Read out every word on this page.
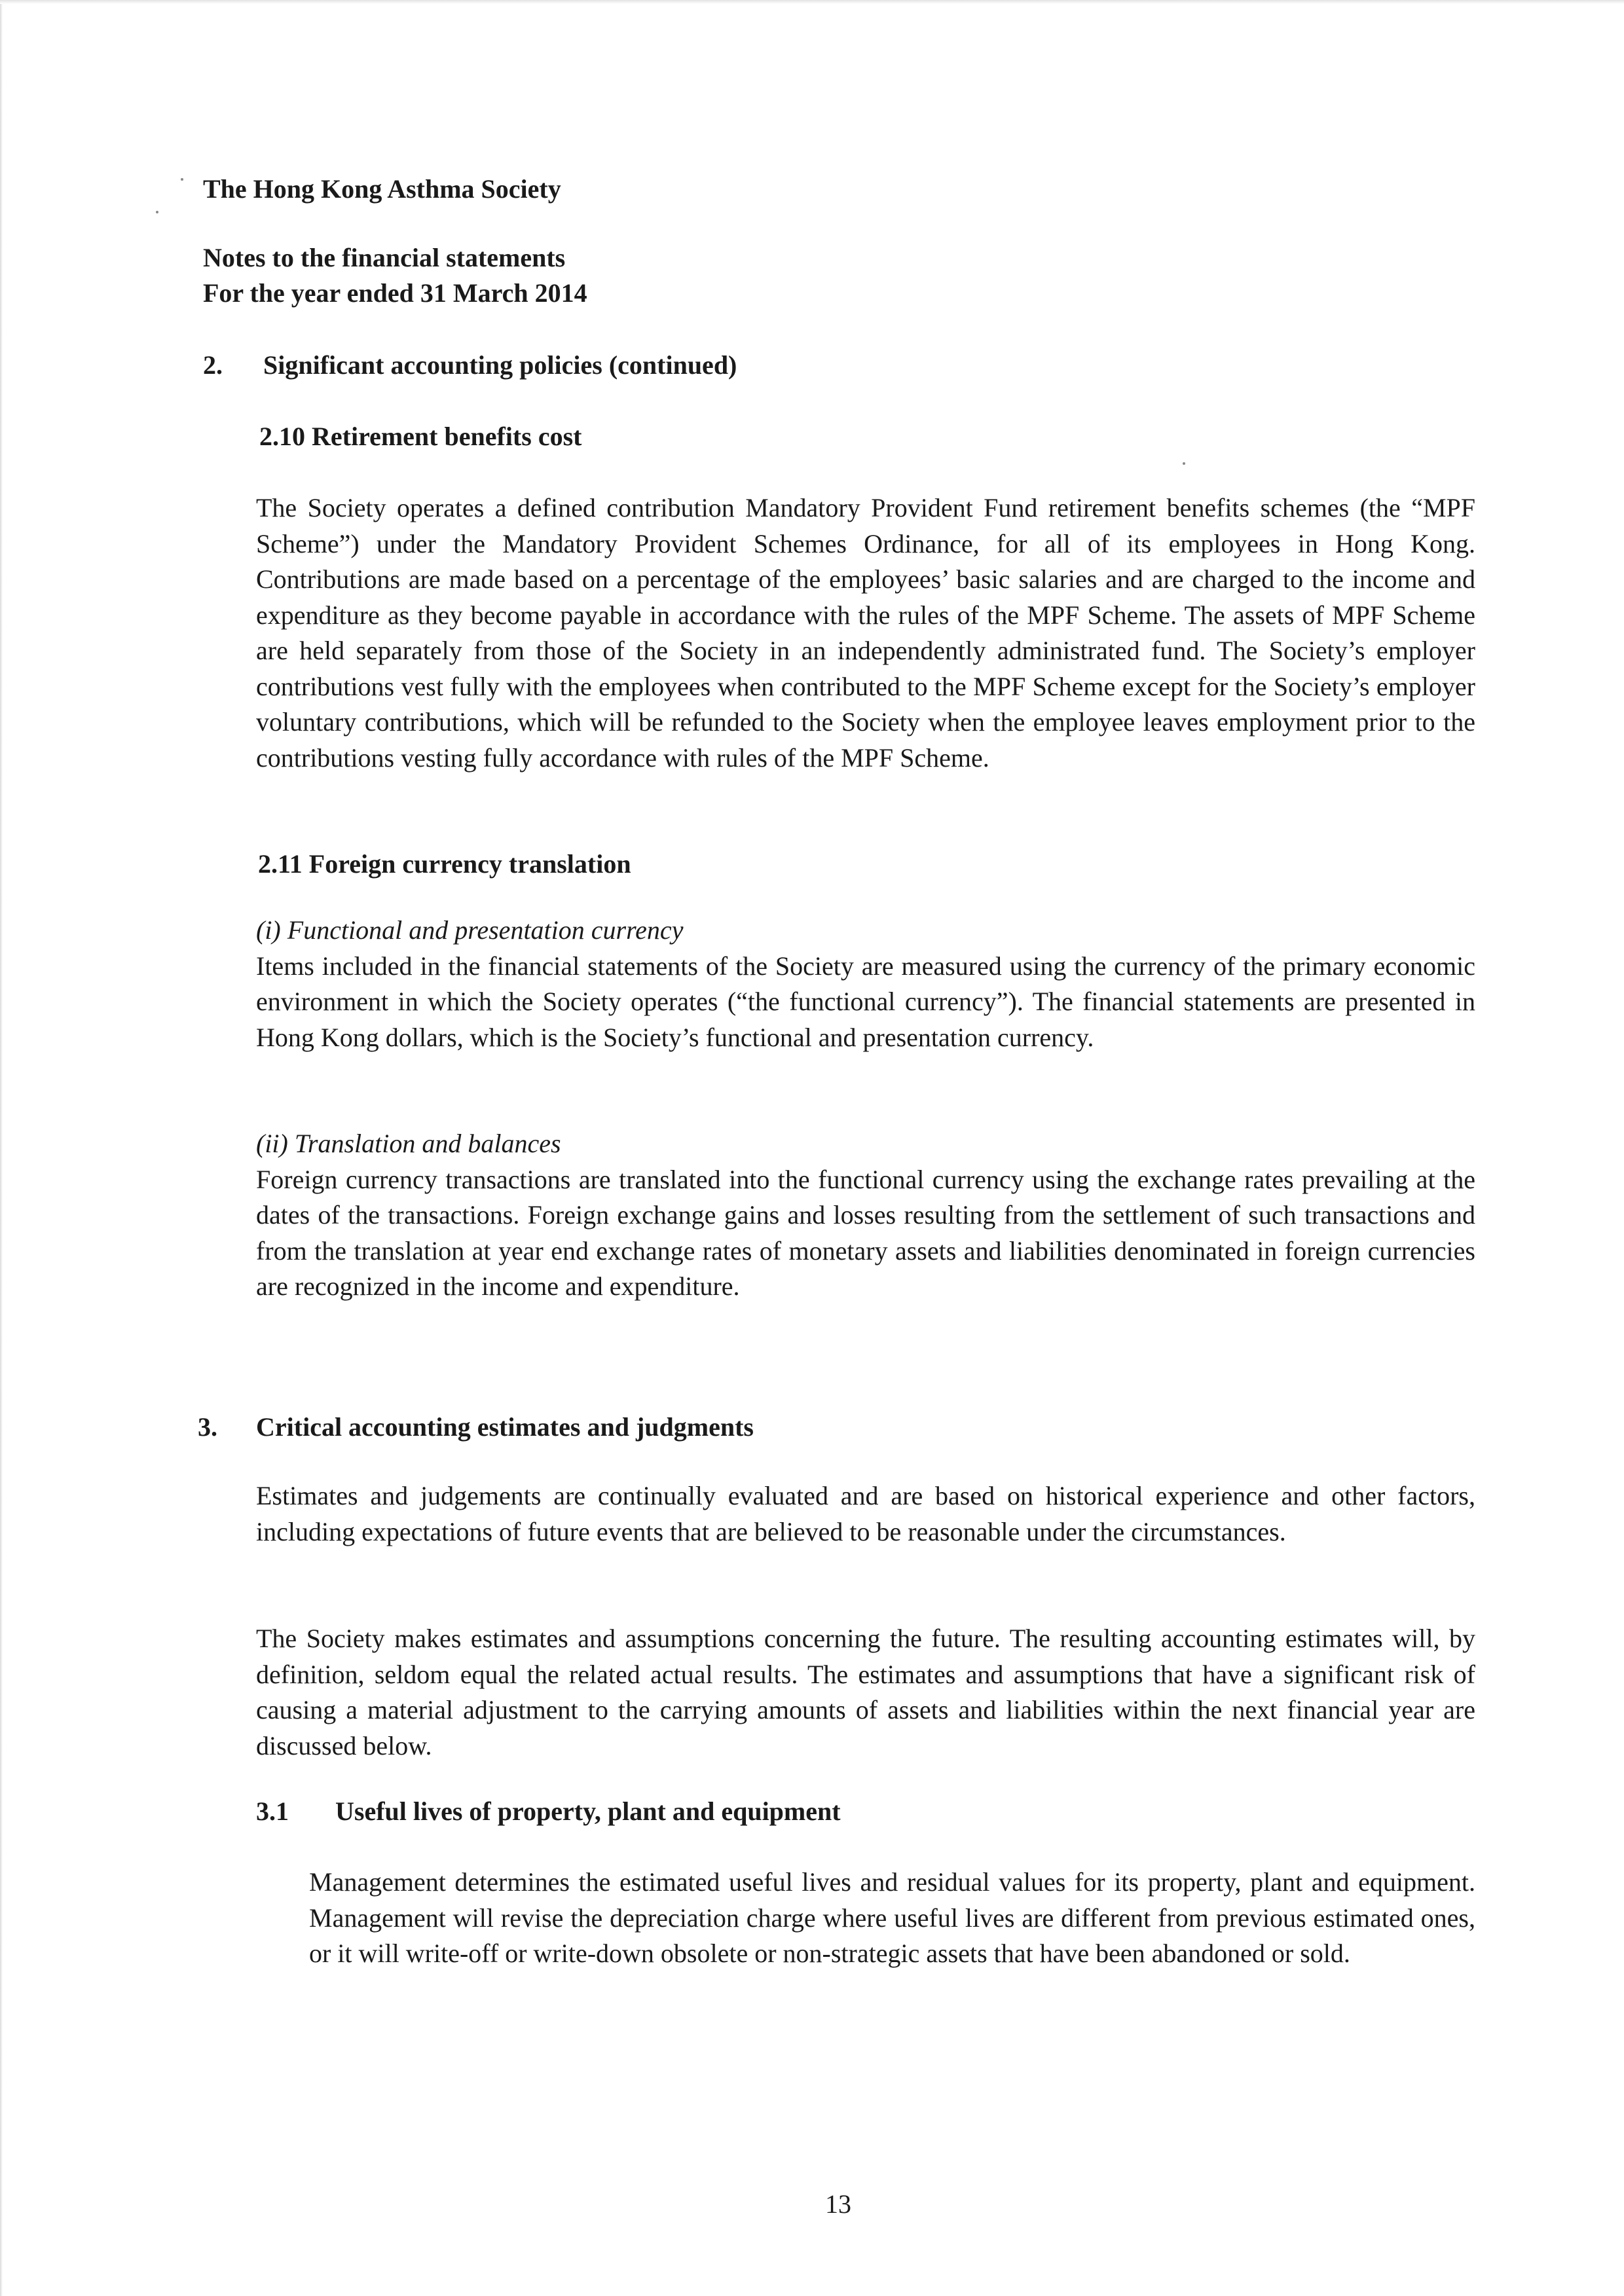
The Hong Kong Asthma Society
Notes to the financial statements
For the year ended 31 March 2014
2. Significant accounting policies (continued)
2.10 Retirement benefits cost
The Society operates a defined contribution Mandatory Provident Fund retirement benefits schemes (the “MPF Scheme”) under the Mandatory Provident Schemes Ordinance, for all of its employees in Hong Kong. Contributions are made based on a percentage of the employees’ basic salaries and are charged to the income and expenditure as they become payable in accordance with the rules of the MPF Scheme. The assets of MPF Scheme are held separately from those of the Society in an independently administrated fund. The Society’s employer contributions vest fully with the employees when contributed to the MPF Scheme except for the Society’s employer voluntary contributions, which will be refunded to the Society when the employee leaves employment prior to the contributions vesting fully accordance with rules of the MPF Scheme.
2.11 Foreign currency translation
(i) Functional and presentation currency
Items included in the financial statements of the Society are measured using the currency of the primary economic environment in which the Society operates (“the functional currency”). The financial statements are presented in Hong Kong dollars, which is the Society’s functional and presentation currency.
(ii) Translation and balances
Foreign currency transactions are translated into the functional currency using the exchange rates prevailing at the dates of the transactions. Foreign exchange gains and losses resulting from the settlement of such transactions and from the translation at year end exchange rates of monetary assets and liabilities denominated in foreign currencies are recognized in the income and expenditure.
3. Critical accounting estimates and judgments
Estimates and judgements are continually evaluated and are based on historical experience and other factors, including expectations of future events that are believed to be reasonable under the circumstances.
The Society makes estimates and assumptions concerning the future. The resulting accounting estimates will, by definition, seldom equal the related actual results. The estimates and assumptions that have a significant risk of causing a material adjustment to the carrying amounts of assets and liabilities within the next financial year are discussed below.
3.1 Useful lives of property, plant and equipment
Management determines the estimated useful lives and residual values for its property, plant and equipment. Management will revise the depreciation charge where useful lives are different from previous estimated ones, or it will write-off or write-down obsolete or non-strategic assets that have been abandoned or sold.
13
